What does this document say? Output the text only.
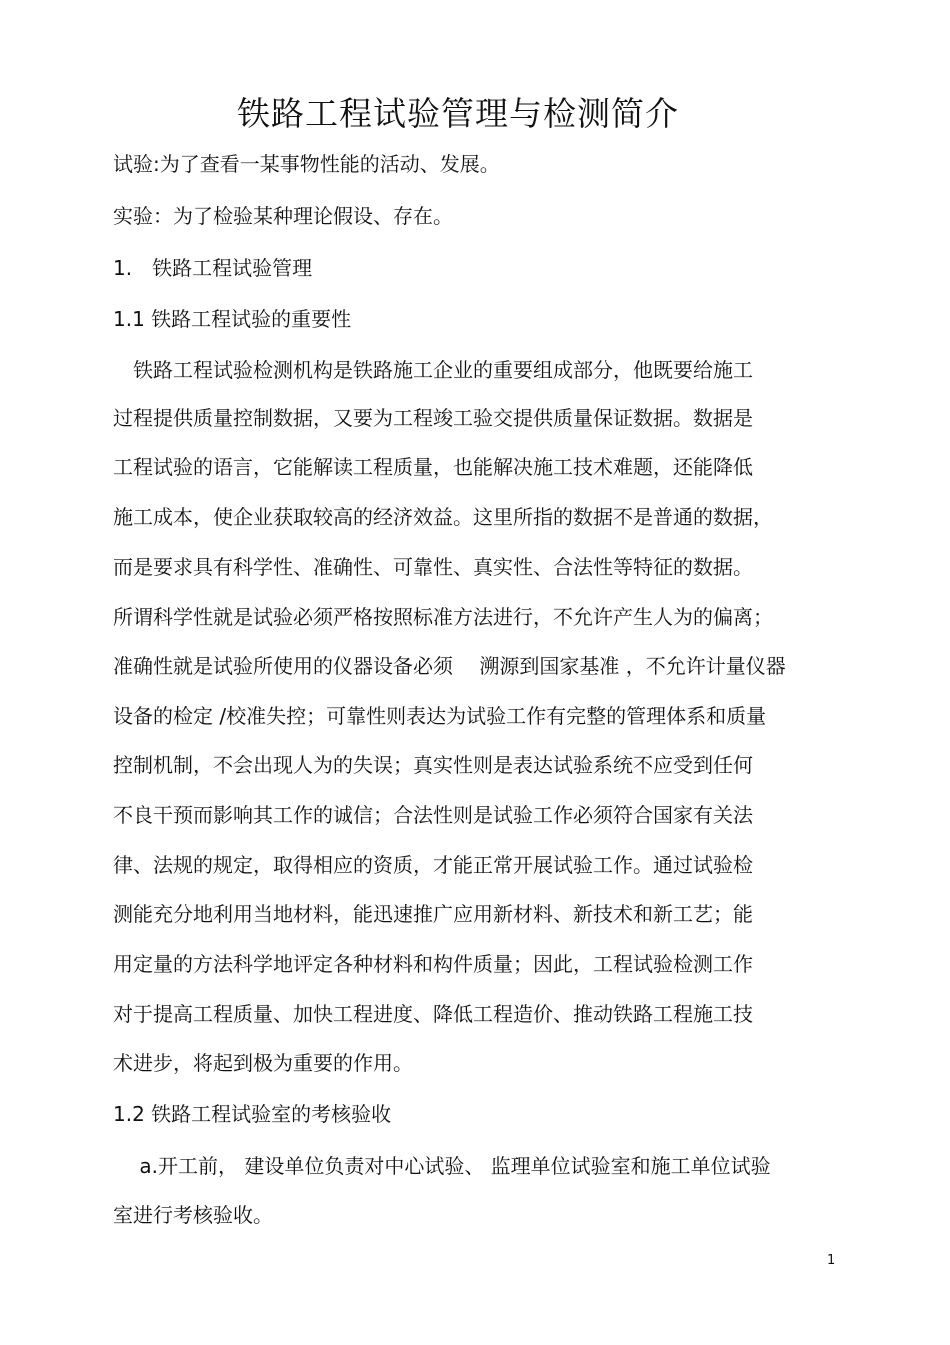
铁路工程试验管理与检测简介
试验:为了查看一某事物性能的活动、发展。
实验：为了检验某种理论假设、存在。
1.　铁路工程试验管理
1.1 铁路工程试验的重要性
　铁路工程试验检测机构是铁路施工企业的重要组成部分，他既要给施工
过程提供质量控制数据，又要为工程竣工验交提供质量保证数据。数据是
工程试验的语言，它能解读工程质量，也能解决施工技术难题，还能降低
施工成本，使企业获取较高的经济效益。这里所指的数据不是普通的数据，
而是要求具有科学性、准确性、可靠性、真实性、合法性等特征的数据。
所谓科学性就是试验必须严格按照标准方法进行，不允许产生人为的偏离；
准确性就是试验所使用的仪器设备必须　 溯源到国家基准 ，不允许计量仪器
设备的检定 /校准失控；可靠性则表达为试验工作有完整的管理体系和质量
控制机制，不会出现人为的失误；真实性则是表达试验系统不应受到任何
不良干预而影响其工作的诚信；合法性则是试验工作必须符合国家有关法
律、法规的规定，取得相应的资质，才能正常开展试验工作。通过试验检
测能充分地利用当地材料，能迅速推广应用新材料、新技术和新工艺；能
用定量的方法科学地评定各种材料和构件质量；因此，工程试验检测工作
对于提高工程质量、加快工程进度、降低工程造价、推动铁路工程施工技
术进步，将起到极为重要的作用。
1.2 铁路工程试验室的考核验收
　 a.开工前， 建设单位负责对中心试验、 监理单位试验室和施工单位试验
室进行考核验收。
1
